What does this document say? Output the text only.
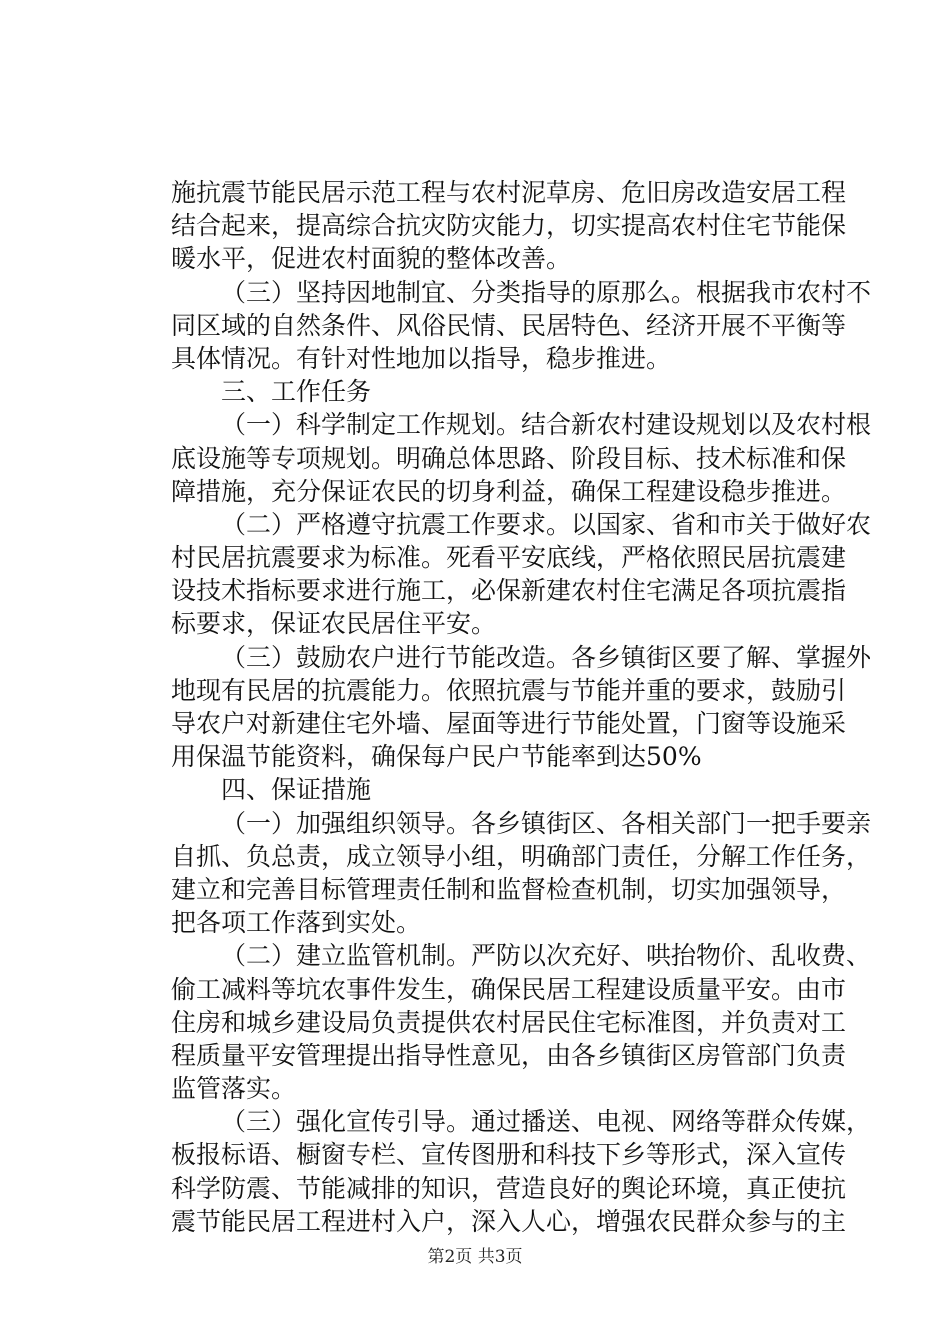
施抗震节能民居示范工程与农村泥草房、危旧房改造安居工程
结合起来，提高综合抗灾防灾能力，切实提高农村住宅节能保
暖水平，促进农村面貌的整体改善。
（三）坚持因地制宜、分类指导的原那么。根据我市农村不
同区域的自然条件、风俗民情、民居特色、经济开展不平衡等
具体情况。有针对性地加以指导，稳步推进。
三、工作任务
（一）科学制定工作规划。结合新农村建设规划以及农村根
底设施等专项规划。明确总体思路、阶段目标、技术标准和保
障措施，充分保证农民的切身利益，确保工程建设稳步推进。
（二）严格遵守抗震工作要求。以国家、省和市关于做好农
村民居抗震要求为标准。死看平安底线，严格依照民居抗震建
设技术指标要求进行施工，必保新建农村住宅满足各项抗震指
标要求，保证农民居住平安。
（三）鼓励农户进行节能改造。各乡镇街区要了解、掌握外
地现有民居的抗震能力。依照抗震与节能并重的要求，鼓励引
导农户对新建住宅外墙、屋面等进行节能处置，门窗等设施采
用保温节能资料，确保每户民户节能率到达50%
四、保证措施
（一）加强组织领导。各乡镇街区、各相关部门一把手要亲
自抓、负总责，成立领导小组，明确部门责任，分解工作任务，
建立和完善目标管理责任制和监督检查机制，切实加强领导，
把各项工作落到实处。
（二）建立监管机制。严防以次充好、哄抬物价、乱收费、
偷工减料等坑农事件发生，确保民居工程建设质量平安。由市
住房和城乡建设局负责提供农村居民住宅标准图，并负责对工
程质量平安管理提出指导性意见，由各乡镇街区房管部门负责
监管落实。
（三）强化宣传引导。通过播送、电视、网络等群众传媒，
板报标语、橱窗专栏、宣传图册和科技下乡等形式，深入宣传
科学防震、节能减排的知识，营造良好的舆论环境，真正使抗
震节能民居工程进村入户，深入人心，增强农民群众参与的主
第2页 共3页
